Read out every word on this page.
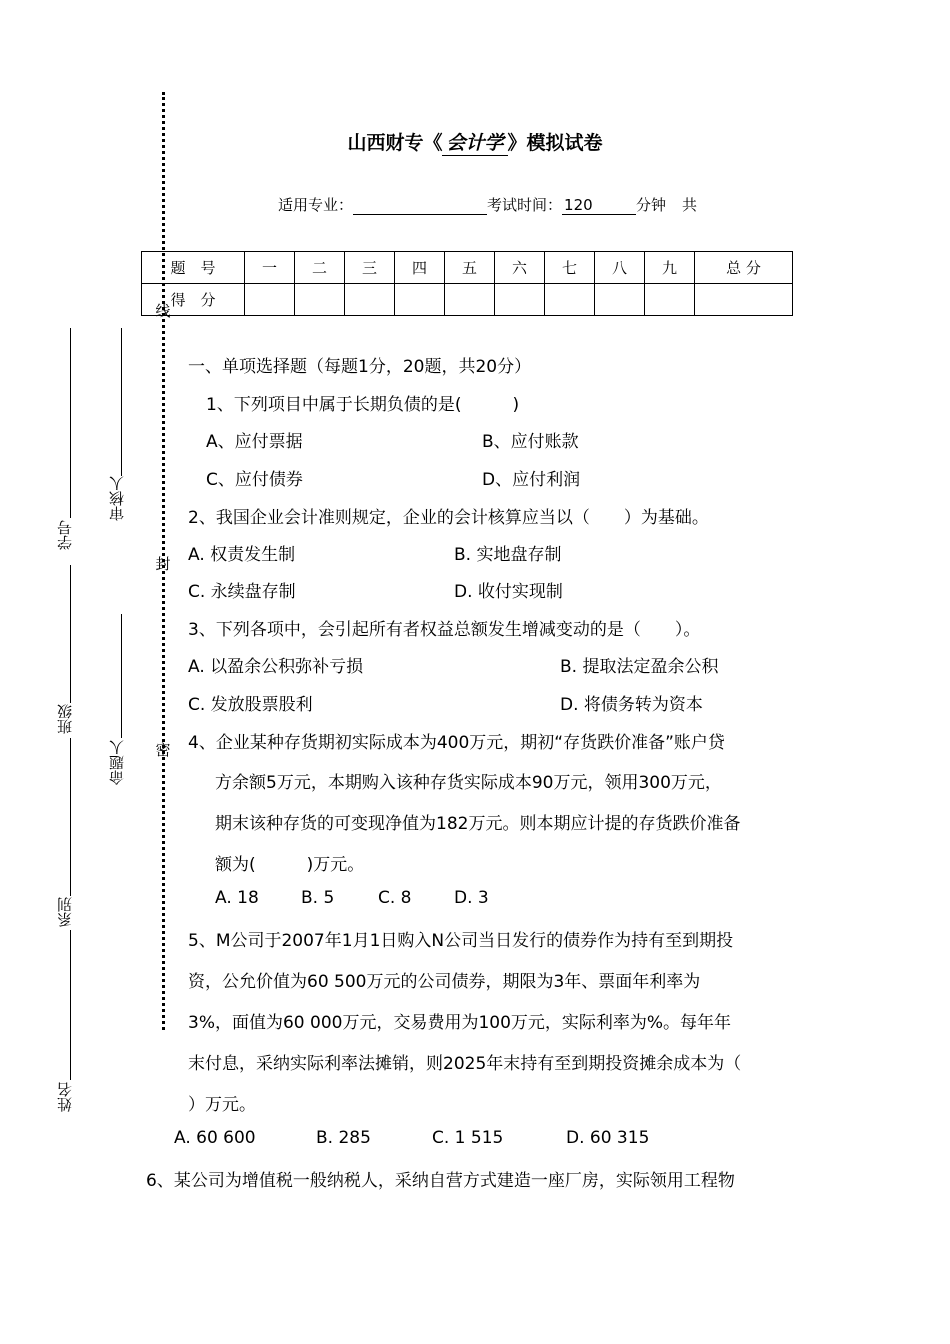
线
封
密
学号
班级
系别
姓名
审核人
命题人
山西财专《 会计学 》模拟试卷
适用专业：	考试时间： 120	分钟 共
题　号	一	二	三	四	五	六	七	八	九	总 分
得　分										
一、单项选择题（每题1分，20题，共20分）
1、下列项目中属于长期负债的是(　　　)
A、应付票据	B、应付账款
C、应付债券	D、应付利润
2、我国企业会计准则规定，企业的会计核算应当以（　　）为基础。
A. 权责发生制	B. 实地盘存制
C. 永续盘存制	D. 收付实现制
3、下列各项中，会引起所有者权益总额发生增减变动的是（　　）。
A. 以盈余公积弥补亏损	B. 提取法定盈余公积
C. 发放股票股利	D. 将债务转为资本
4、企业某种存货期初实际成本为400万元，期初“存货跌价准备”账户贷
方余额5万元，本期购入该种存货实际成本90万元，领用300万元，
期末该种存货的可变现净值为182万元。则本期应计提的存货跌价准备
额为(　　　)万元。
A. 18 B. 5	C. 8	D. 3
5、M公司于2007年1月1日购入N公司当日发行的债券作为持有至到期投
资，公允价值为60 500万元的公司债券，期限为3年、票面年利率为
3%，面值为60 000万元，交易费用为100万元，实际利率为%。每年年
末付息，采纳实际利率法摊销，则2025年末持有至到期投资摊余成本为（
）万元。
A. 60 600	B. 285	C. 1 515	D. 60 315
6、某公司为增值税一般纳税人，采纳自营方式建造一座厂房，实际领用工程物
